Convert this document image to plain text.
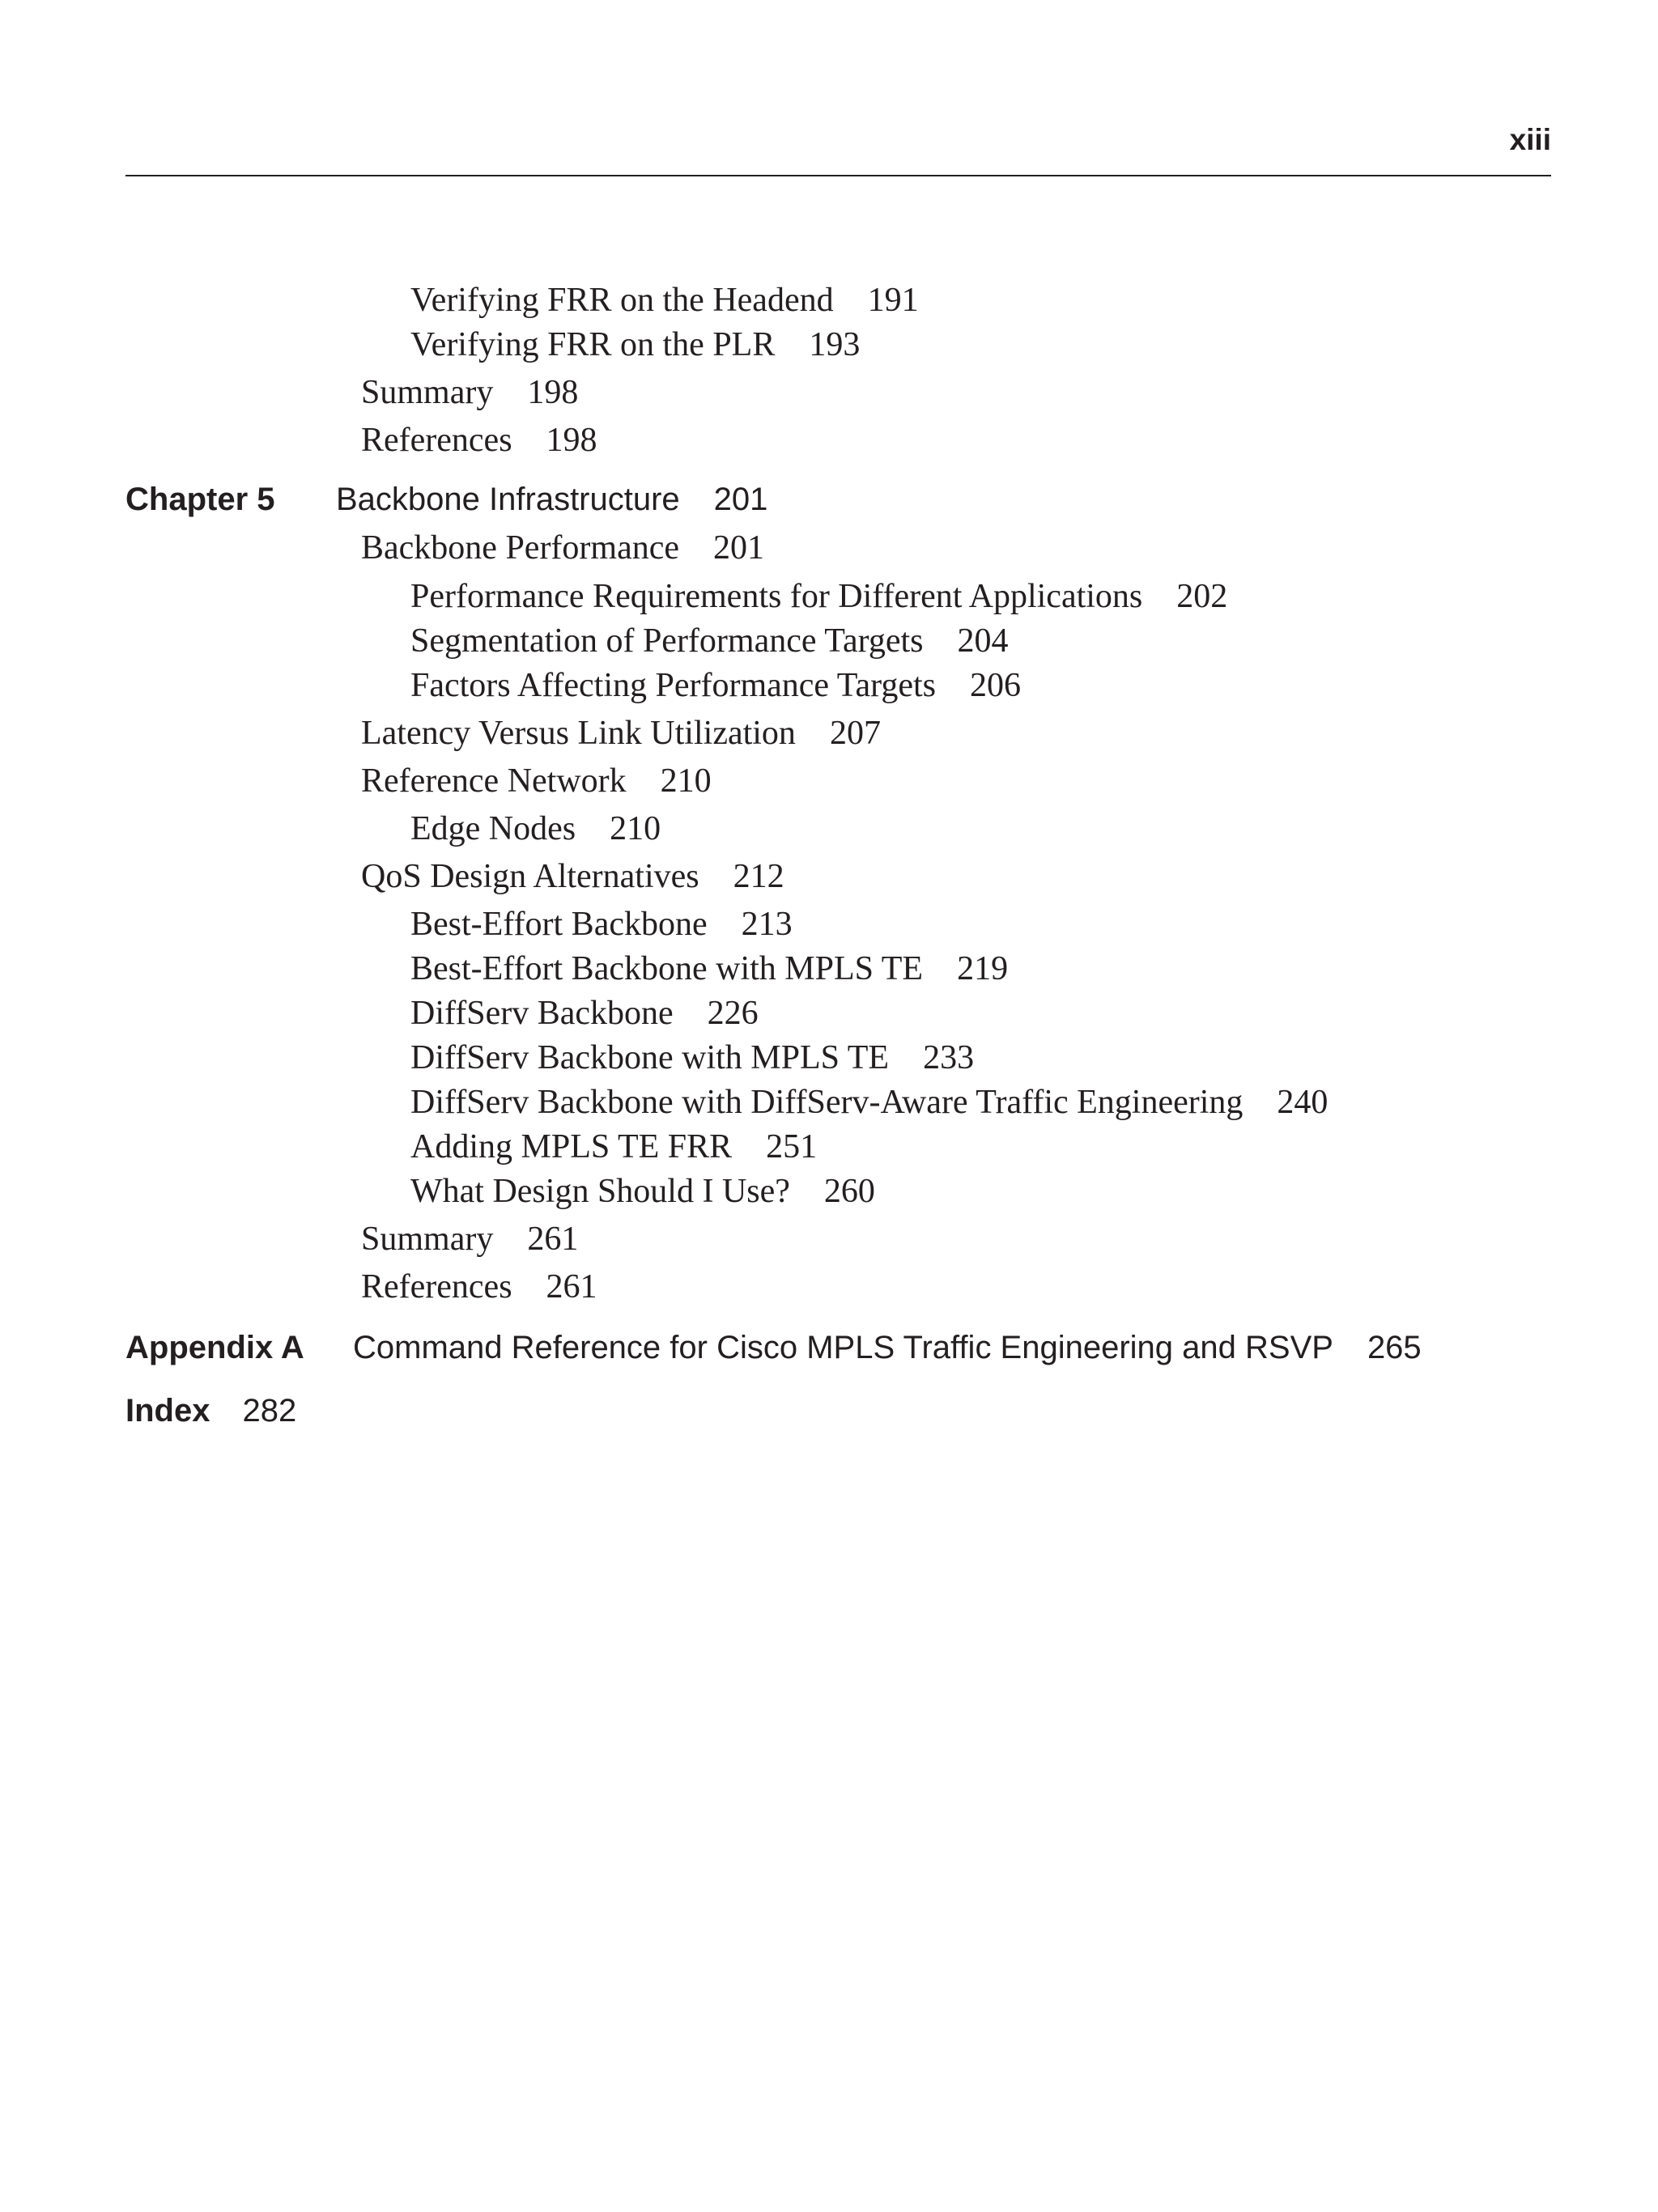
xiii
Verifying FRR on the Headend 191
Verifying FRR on the PLR 193
Summary 198
References 198
Chapter 5 Backbone Infrastructure 201
Backbone Performance 201
Performance Requirements for Different Applications 202
Segmentation of Performance Targets 204
Factors Affecting Performance Targets 206
Latency Versus Link Utilization 207
Reference Network 210
Edge Nodes 210
QoS Design Alternatives 212
Best-Effort Backbone 213
Best-Effort Backbone with MPLS TE 219
DiffServ Backbone 226
DiffServ Backbone with MPLS TE 233
DiffServ Backbone with DiffServ-Aware Traffic Engineering 240
Adding MPLS TE FRR 251
What Design Should I Use? 260
Summary 261
References 261
Appendix A Command Reference for Cisco MPLS Traffic Engineering and RSVP 265
Index 282
